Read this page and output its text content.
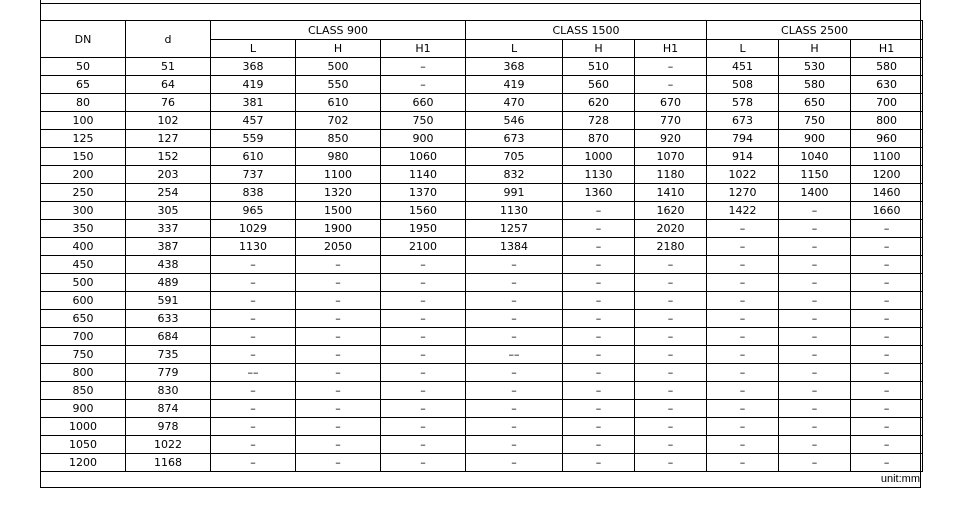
DN	d	CLASS 900			CLASS 1500			CLASS 2500		
		L	H	H1	L	H	H1	L	H	H1
50	51	368	500	–	368	510	–	451	530	580
65	64	419	550	–	419	560	–	508	580	630
80	76	381	610	660	470	620	670	578	650	700
100	102	457	702	750	546	728	770	673	750	800
125	127	559	850	900	673	870	920	794	900	960
150	152	610	980	1060	705	1000	1070	914	1040	1100
200	203	737	1100	1140	832	1130	1180	1022	1150	1200
250	254	838	1320	1370	991	1360	1410	1270	1400	1460
300	305	965	1500	1560	1130	–	1620	1422	–	1660
350	337	1029	1900	1950	1257	–	2020	–	–	–
400	387	1130	2050	2100	1384	–	2180	–	–	–
450	438	–	–	–	–	–	–	–	–	–
500	489	–	–	–	–	–	–	–	–	–
600	591	–	–	–	–	–	–	–	–	–
650	633	–	–	–	–	–	–	–	–	–
700	684	–	–	–	–	–	–	–	–	–
750	735	–	–	–	––	–	–	–	–	–
800	779	––	–	–	–	–	–	–	–	–
850	830	–	–	–	–	–	–	–	–	–
900	874	–	–	–	–	–	–	–	–	–
1000	978	–	–	–	–	–	–	–	–	–
1050	1022	–	–	–	–	–	–	–	–	–
1200	1168	–	–	–	–	–	–	–	–	–
unit:mm
